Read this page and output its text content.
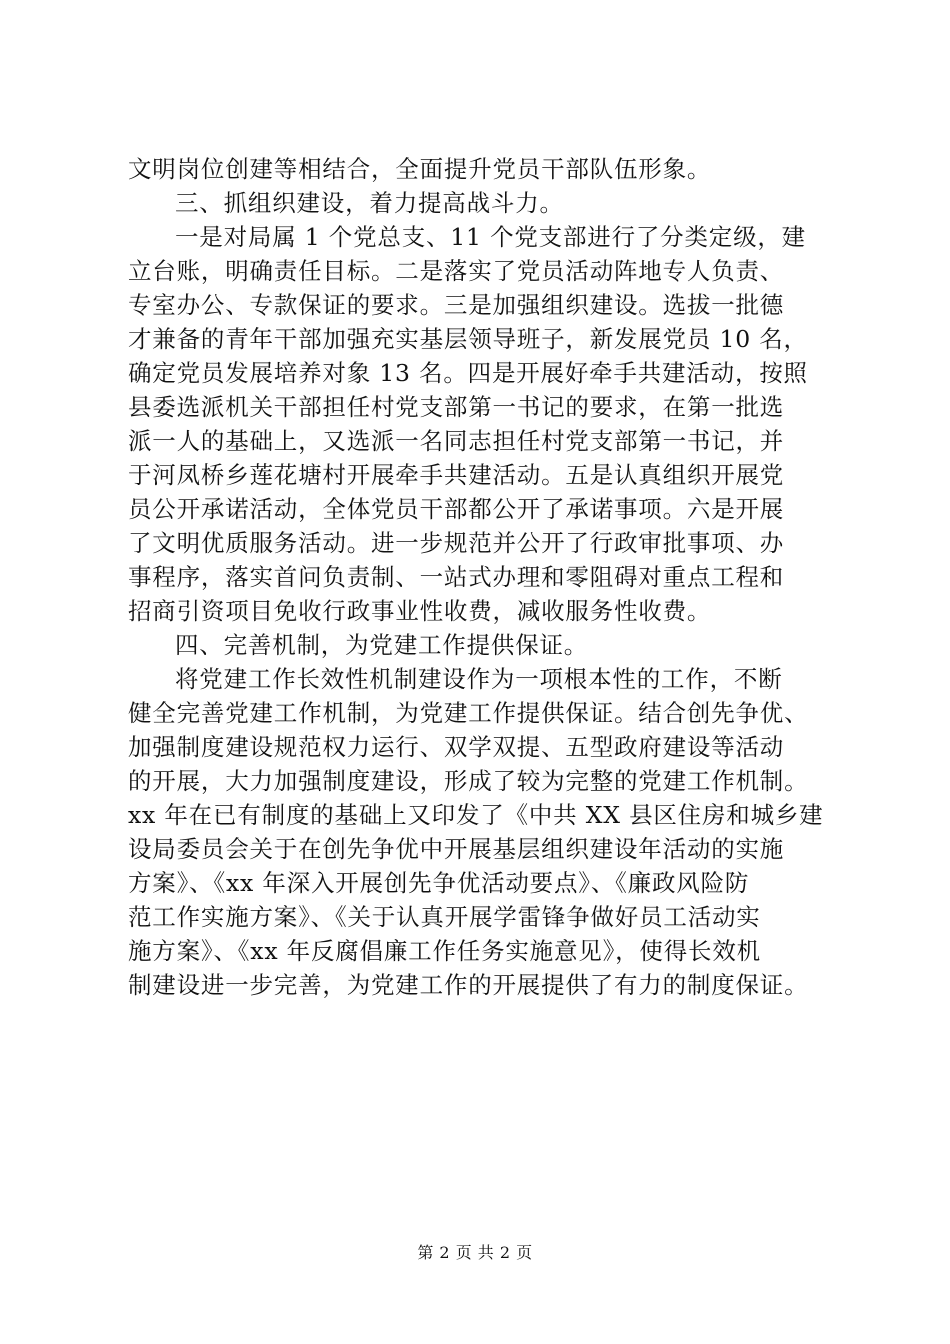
文明岗位创建等相结合，全面提升党员干部队伍形象。
三、抓组织建设，着力提高战斗力。
一是对局属 1 个党总支、11 个党支部进行了分类定级，建
立台账，明确责任目标。二是落实了党员活动阵地专人负责、
专室办公、专款保证的要求。三是加强组织建设。选拔一批德
才兼备的青年干部加强充实基层领导班子，新发展党员 10 名，
确定党员发展培养对象 13 名。四是开展好牵手共建活动，按照
县委选派机关干部担任村党支部第一书记的要求，在第一批选
派一人的基础上，又选派一名同志担任村党支部第一书记，并
于河凤桥乡莲花塘村开展牵手共建活动。五是认真组织开展党
员公开承诺活动，全体党员干部都公开了承诺事项。六是开展
了文明优质服务活动。进一步规范并公开了行政审批事项、办
事程序，落实首问负责制、一站式办理和零阻碍对重点工程和
招商引资项目免收行政事业性收费，减收服务性收费。
四、完善机制，为党建工作提供保证。
将党建工作长效性机制建设作为一项根本性的工作，不断
健全完善党建工作机制，为党建工作提供保证。结合创先争优、
加强制度建设规范权力运行、双学双提、五型政府建设等活动
的开展，大力加强制度建设，形成了较为完整的党建工作机制。
xx 年在已有制度的基础上又印发了《中共 XX 县区住房和城乡建
设局委员会关于在创先争优中开展基层组织建设年活动的实施
方案》、《xx 年深入开展创先争优活动要点》、《廉政风险防
范工作实施方案》、《关于认真开展学雷锋争做好员工活动实
施方案》、《xx 年反腐倡廉工作任务实施意见》，使得长效机
制建设进一步完善，为党建工作的开展提供了有力的制度保证。
第 2 页 共 2 页
